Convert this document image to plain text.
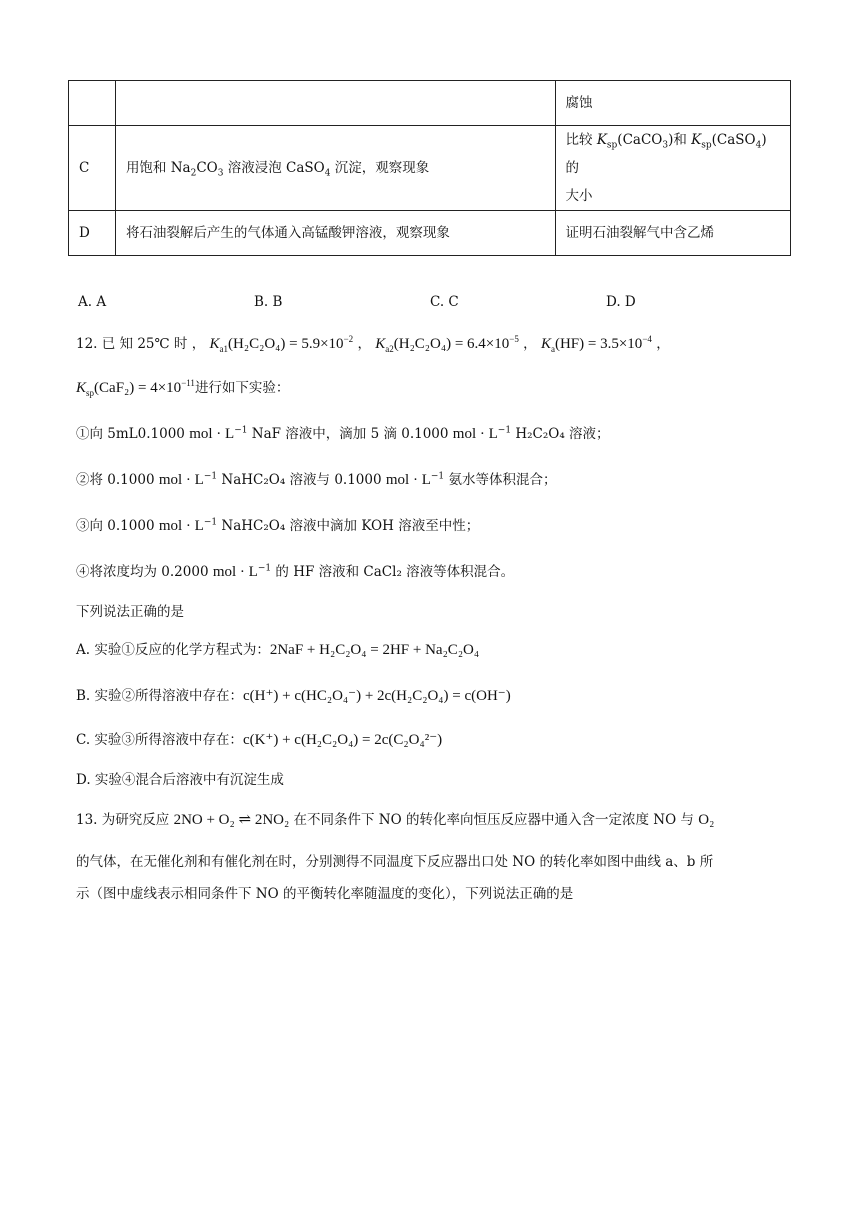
		腐蚀
C	用饱和 $Na_2CO_3$ 溶液浸泡 CaSO$_4$ 沉淀，观察现象	比较 $K_{sp}(CaCO_3)$和 $K_{sp}(CaSO_4)$的
大小
D	将石油裂解后产生的气体通入高锰酸钾溶液，观察现象	证明石油裂解气中含乙烯
A. A	B. B	C. C	D. D
12. 已 知 25℃ 时 ， $K_{a1}(H_2C_2O_4) = 5.9\times 10^{-2}$ ， $K_{a2}(H_2C_2O_4) = 6.4\times 10^{-5}$ ， $K_a(HF) = 3.5\times 10^{-4}$ ，
$K_{sp}(CaF_2) = 4\times 10^{-11}$进行如下实验：
①向 5mL0.1000 mol · $L^{-1}$ NaF 溶液中，滴加 5 滴 0.1000 mol · $L^{-1}$ H₂C₂O₄ 溶液；
②将 0.1000 mol · $L^{-1}$ NaHC₂O₄ 溶液与 0.1000 mol · $L^{-1}$ 氨水等体积混合；
③向 0.1000 mol · $L^{-1}$ NaHC₂O₄ 溶液中滴加 KOH 溶液至中性；
④将浓度均为 0.2000 mol · $L^{-1}$ 的 HF 溶液和 CaCl₂ 溶液等体积混合。
下列说法正确的是
A. 实验①反应的化学方程式为：2NaF + H₂C₂O₄ = 2HF + Na₂C₂O₄
B. 实验②所得溶液中存在：c(H⁺) + c(HC₂O₄⁻) + 2c(H₂C₂O₄) = c(OH⁻)
C. 实验③所得溶液中存在：c(K⁺) + c(H₂C₂O₄) = 2c(C₂O₄²⁻)
D. 实验④混合后溶液中有沉淀生成
13. 为研究反应 2NO + O₂ ⇌ 2NO₂ 在不同条件下 NO 的转化率向恒压反应器中通入含一定浓度 NO 与 O₂
的气体，在无催化剂和有催化剂在时，分别测得不同温度下反应器出口处 NO 的转化率如图中曲线 a、b 所
示（图中虚线表示相同条件下 NO 的平衡转化率随温度的变化），下列说法正确的是
